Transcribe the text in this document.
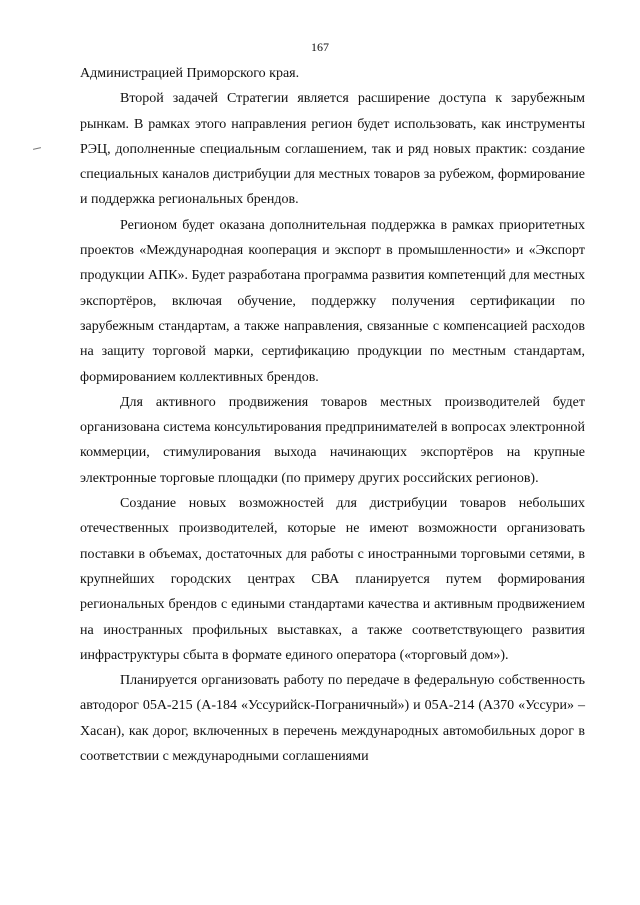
167

Администрацией Приморского края.

Второй задачей Стратегии является расширение доступа к зарубежным рынкам. В рамках этого направления регион будет использовать, как инструменты РЭЦ, дополненные специальным соглашением, так и ряд новых практик: создание специальных каналов дистрибуции для местных товаров за рубежом, формирование и поддержка региональных брендов.

Регионом будет оказана дополнительная поддержка в рамках приоритетных проектов «Международная кооперация и экспорт в промышленности» и «Экспорт продукции АПК». Будет разработана программа развития компетенций для местных экспортёров, включая обучение, поддержку получения сертификации по зарубежным стандартам, а также направления, связанные с компенсацией расходов на защиту торговой марки, сертификацию продукции по местным стандартам, формированием коллективных брендов.

Для активного продвижения товаров местных производителей будет организована система консультирования предпринимателей в вопросах электронной коммерции, стимулирования выхода начинающих экспортёров на крупные электронные торговые площадки (по примеру других российских регионов).

Создание новых возможностей для дистрибуции товаров небольших отечественных производителей, которые не имеют возможности организовать поставки в объемах, достаточных для работы с иностранными торговыми сетями, в крупнейших городских центрах СВА планируется путем формирования региональных брендов с едиными стандартами качества и активным продвижением на иностранных профильных выставках, а также соответствующего развития инфраструктуры сбыта в формате единого оператора («торговый дом»).

Планируется организовать работу по передаче в федеральную собственность автодорог 05А-215 (А-184 «Уссурийск-Пограничный») и 05А-214 (А370 «Уссури» – Хасан), как дорог, включенных в перечень международных автомобильных дорог в соответствии с международными соглашениями
